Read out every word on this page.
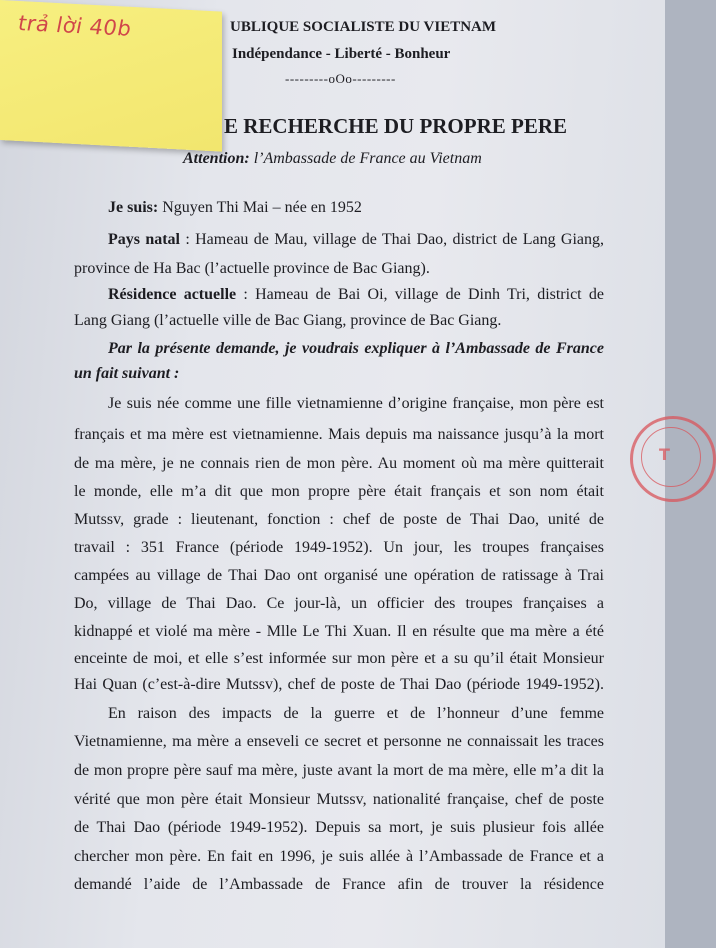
T
UBLIQUE SOCIALISTE DU VIETNAM
Indépendance - Liberté - Bonheur
---------oOo---------
E RECHERCHE DU PROPRE PERE
Attention: l’Ambassade de France au Vietnam
Je suis: Nguyen Thi Mai – née en 1952
Pays natal : Hameau de Mau, village de Thai Dao, district de Lang Giang,
province de Ha Bac (l’actuelle province de Bac Giang).
Résidence actuelle : Hameau de Bai Oi, village de Dinh Tri, district de
Lang Giang (l’actuelle ville de Bac Giang, province de Bac Giang.
Par la présente demande, je voudrais expliquer à l’Ambassade de France
un fait suivant :
Je suis née comme une fille vietnamienne d’origine française, mon père est
français et ma mère est vietnamienne. Mais depuis ma naissance jusqu’à la mort
de ma mère, je ne connais rien de mon père. Au moment où ma mère quitterait
le monde, elle m’a dit que mon propre père était français et son nom était
Mutssv, grade : lieutenant, fonction : chef de poste de Thai Dao, unité de
travail : 351 France (période 1949-1952). Un jour, les troupes françaises
campées au village de Thai Dao ont organisé une opération de ratissage à Trai
Do, village de Thai Dao. Ce jour-là, un officier des troupes françaises a
kidnappé et violé ma mère - Mlle Le Thi Xuan. Il en résulte que ma mère a été
enceinte de moi, et elle s’est informée sur mon père et a su qu’il était Monsieur
Hai Quan (c’est-à-dire Mutssv), chef de poste de Thai Dao (période 1949-1952).
En raison des impacts de la guerre et de l’honneur d’une femme
Vietnamienne, ma mère a enseveli ce secret et personne ne connaissait les traces
de mon propre père sauf ma mère, juste avant la mort de ma mère, elle m’a dit la
vérité que mon père était Monsieur Mutssv, nationalité française, chef de poste
de Thai Dao (période 1949-1952). Depuis sa mort, je suis plusieur fois allée
chercher mon père. En fait en 1996, je suis allée à l’Ambassade de France et a
demandé l’aide de l’Ambassade de France afin de trouver la résidence
trả lời 40b
